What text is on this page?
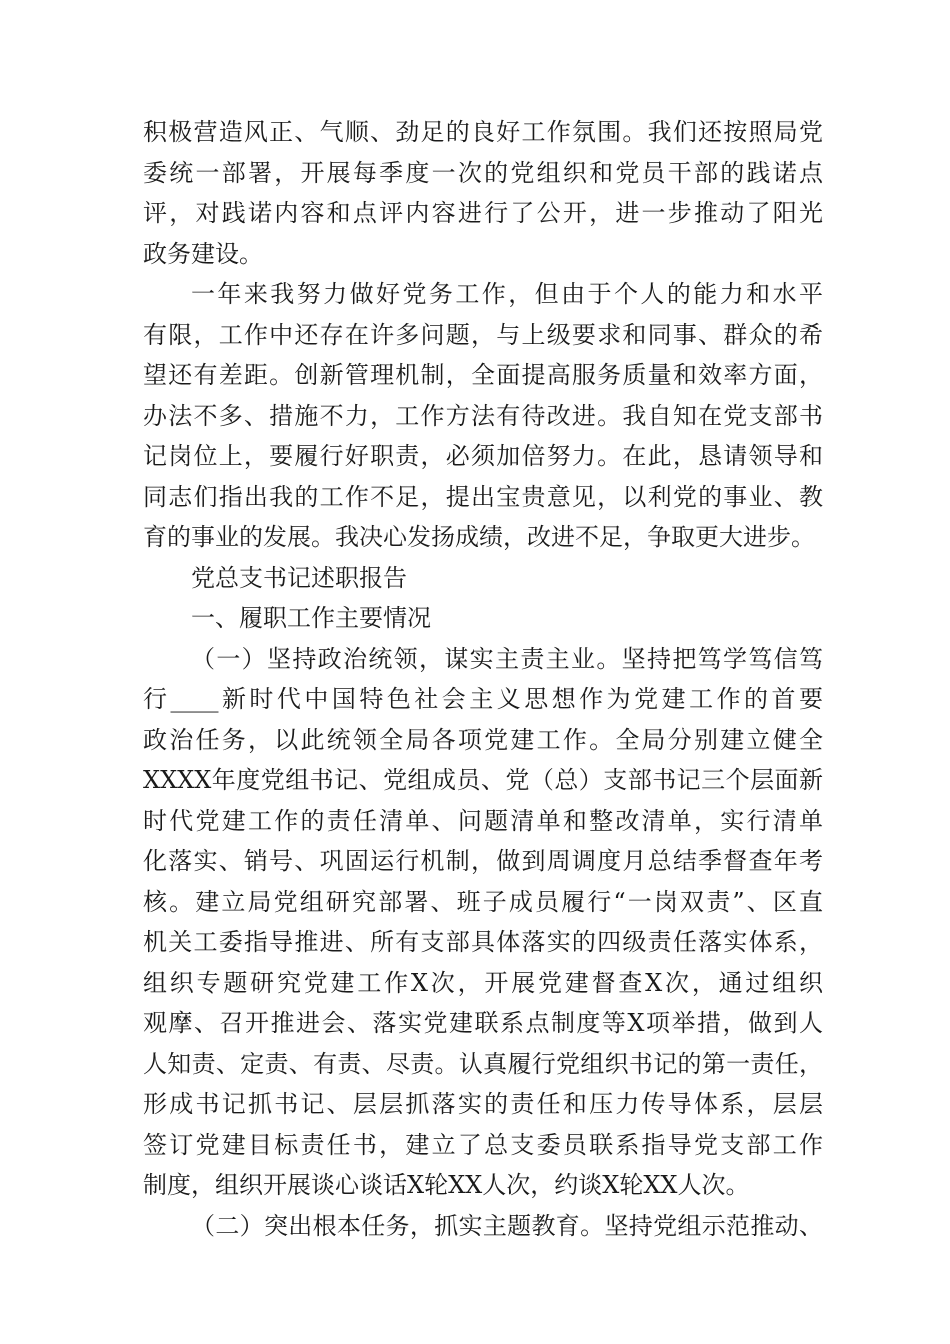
积极营造风正、气顺、劲足的良好工作氛围。我们还按照局党
委统一部署，开展每季度一次的党组织和党员干部的践诺点
评，对践诺内容和点评内容进行了公开，进一步推动了阳光
政务建设。
一年来我努力做好党务工作，但由于个人的能力和水平
有限，工作中还存在许多问题，与上级要求和同事、群众的希
望还有差距。创新管理机制，全面提高服务质量和效率方面，
办法不多、措施不力，工作方法有待改进。我自知在党支部书
记岗位上，要履行好职责，必须加倍努力。在此，恳请领导和
同志们指出我的工作不足，提出宝贵意见，以利党的事业、教
育的事业的发展。我决心发扬成绩，改进不足，争取更大进步。
党总支书记述职报告
一、履职工作主要情况
（一）坚持政治统领，谋实主责主业。坚持把笃学笃信笃
行____新时代中国特色社会主义思想作为党建工作的首要
政治任务，以此统领全局各项党建工作。全局分别建立健全
XXXX年度党组书记、党组成员、党（总）支部书记三个层面新
时代党建工作的责任清单、问题清单和整改清单，实行清单
化落实、销号、巩固运行机制，做到周调度月总结季督查年考
核。建立局党组研究部署、班子成员履行“一岗双责”、区直
机关工委指导推进、所有支部具体落实的四级责任落实体系，
组织专题研究党建工作X次，开展党建督查X次，通过组织
观摩、召开推进会、落实党建联系点制度等X项举措，做到人
人知责、定责、有责、尽责。认真履行党组织书记的第一责任，
形成书记抓书记、层层抓落实的责任和压力传导体系，层层
签订党建目标责任书，建立了总支委员联系指导党支部工作
制度，组织开展谈心谈话X轮XX人次，约谈X轮XX人次。
（二）突出根本任务，抓实主题教育。坚持党组示范推动、
